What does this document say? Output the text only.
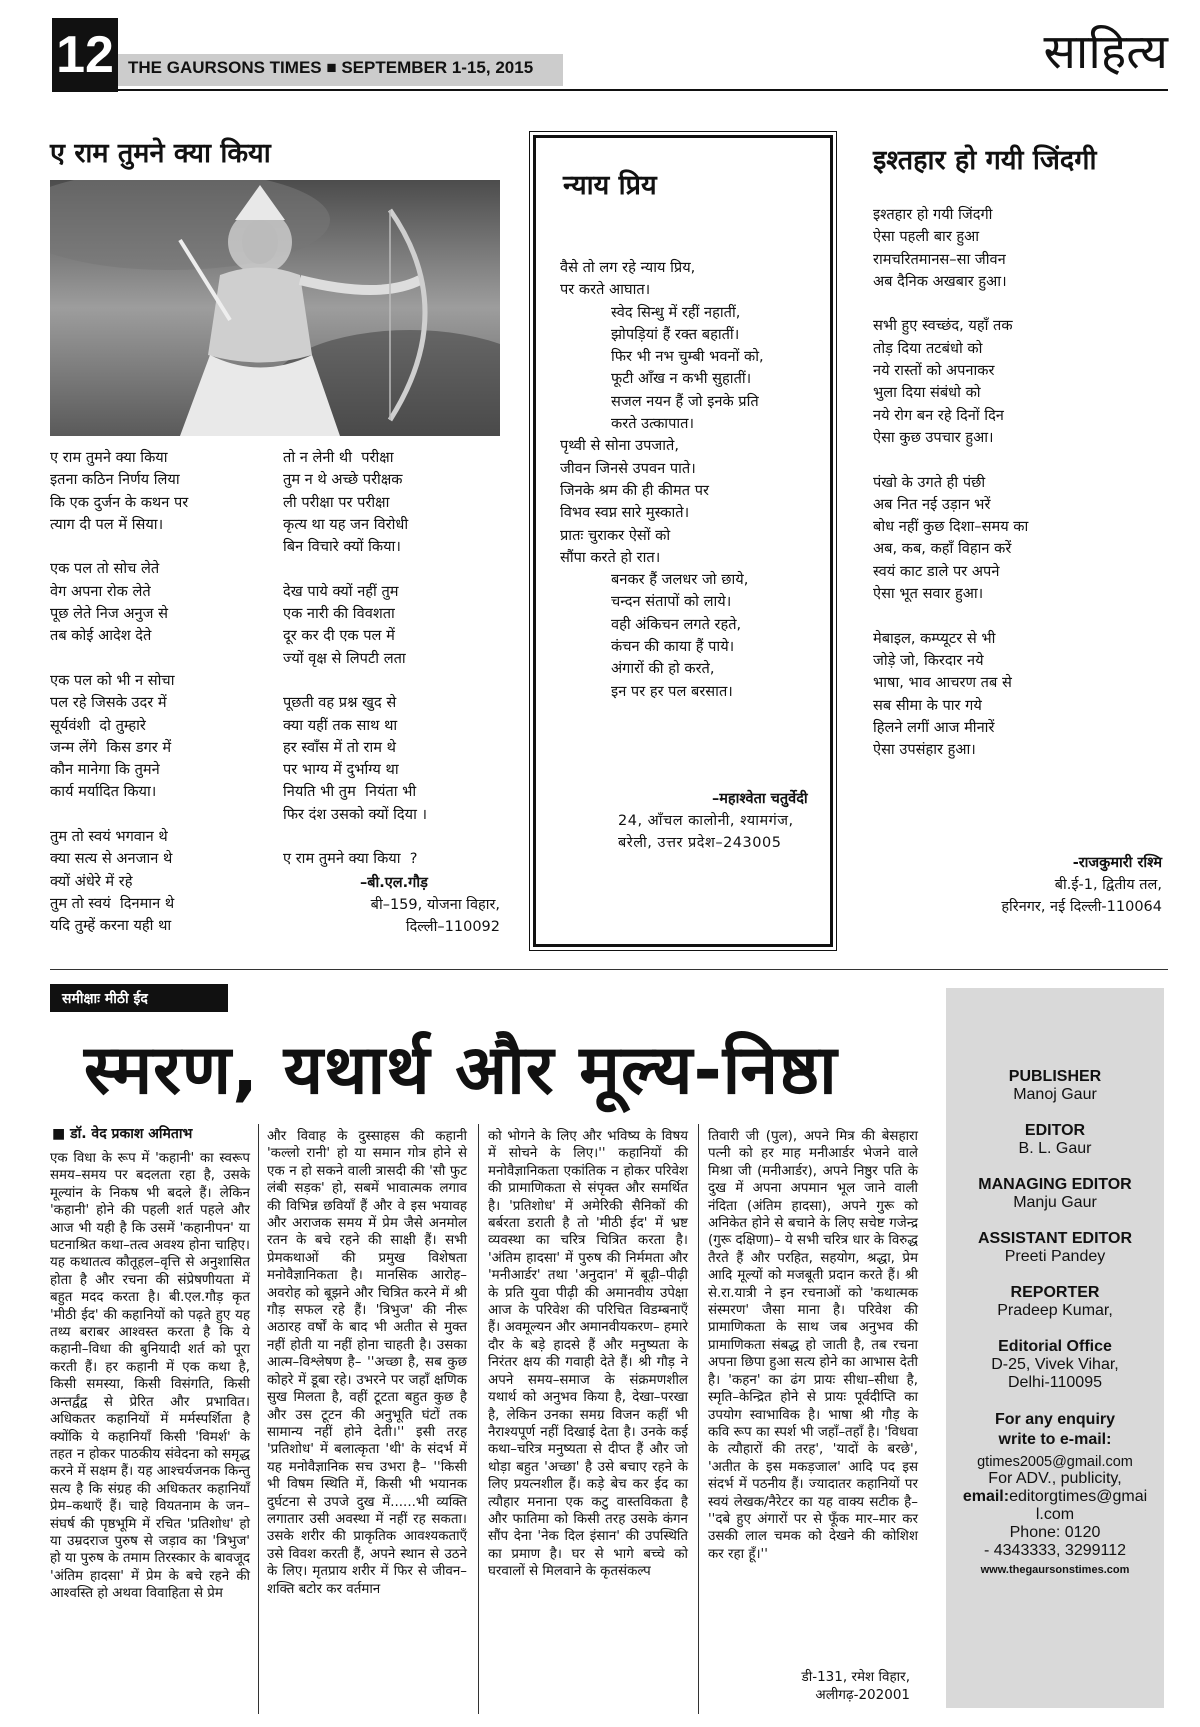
12 THE GAURSONS TIMES ■ SEPTEMBER 1-15, 2015	साहित्य
ए राम तुमने क्या किया
ए राम तुमने क्या किया
इतना कठिन निर्णय लिया
कि एक दुर्जन के कथन पर
त्याग दी पल में सिया।

एक पल तो सोच लेते
वेग अपना रोक लेते
पूछ लेते निज अनुज से
तब कोई आदेश देते

एक पल को भी न सोचा
पल रहे जिसके उदर में
सूर्यवंशी  दो तुम्हारे
जन्म लेंगे  किस डगर में
कौन मानेगा कि तुमने
कार्य मर्यादित किया।

तुम तो स्वयं भगवान थे
क्या सत्य से अनजान थे
क्यों अंधेरे में रहे
तुम तो स्वयं  दिनमान थे
यदि तुम्हें करना यही था
तो न लेनी थी  परीक्षा
तुम न थे अच्छे परीक्षक
ली परीक्षा पर परीक्षा
कृत्य था यह जन विरोधी
बिन विचारे क्यों किया।

देख पाये क्यों नहीं तुम
एक नारी की विवशता
दूर कर दी एक पल में
ज्यों वृक्ष से लिपटी लता

पूछती वह प्रश्न खुद से
क्या यहीं तक साथ था
हर स्वाँस में तो राम थे
पर भाग्य में दुर्भाग्य था
नियति भी तुम  नियंता भी
फिर दंश उसको क्यों दिया ।

ए राम तुमने क्या किया  ?
–बी.एल.गौड़
बी–159, योजना विहार,
दिल्ली–110092
न्याय प्रिय
वैसे तो लग रहे न्याय प्रिय,
पर करते आघात।
स्वेद सिन्धु में रहीं नहातीं,
झोपड़ियां हैं रक्त बहातीं।
फिर भी नभ चुम्बी भवनों को,
फूटी आँख न कभी सुहातीं।
सजल नयन हैं जो इनके प्रति
करते उत्कापात।
पृथ्वी से सोना उपजाते,
जीवन जिनसे उपवन पाते।
जिनके श्रम की ही कीमत पर
विभव स्वप्न सारे मुस्काते।
प्रातः चुराकर ऐसों को
सौंपा करते हो रात।
बनकर हैं जलधर जो छाये,
चन्दन संतापों को लाये।
वही अंकिचन लगते रहते,
कंचन की काया हैं पाये।
अंगारों की हो करते,
इन पर हर पल बरसात।
–महाश्वेता चतुर्वेदी
24, आँचल कालोनी, श्यामगंज,
बरेली, उत्तर प्रदेश–243005
इश्तहार हो गयी जिंदगी
इश्तहार हो गयी जिंदगी
ऐसा पहली बार हुआ
रामचरितमानस–सा जीवन
अब दैनिक अखबार हुआ।

सभी हुए स्वच्छंद, यहाँ तक
तोड़ दिया तटबंधो को
नये रास्तों को अपनाकर
भुला दिया संबंधो को
नये रोग बन रहे दिनों दिन
ऐसा कुछ उपचार हुआ।

पंखो के उगते ही पंछी
अब नित नई उड़ान भरें
बोध नहीं कुछ दिशा–समय का
अब, कब, कहाँ विहान करें
स्वयं काट डाले पर अपने
ऐसा भूत सवार हुआ।

मेबाइल, कम्प्यूटर से भी
जोड़े जो, किरदार नये
भाषा, भाव आचरण तब से
सब सीमा के पार गये
हिलने लगीं आज मीनारें
ऐसा उपसंहार हुआ।
-राजकुमारी रश्मि
बी.ई-1, द्वितीय तल,
हरिनगर, नई दिल्ली-110064
समीक्षाः मीठी ईद
स्मरण, यथार्थ और मूल्य-निष्ठा
■ डॉ. वेद प्रकाश अमिताभ

एक विधा के रूप में 'कहानी' का स्वरूप समय–समय पर बदलता रहा है, उसके मूल्यांन के निकष भी बदले हैं। लेकिन 'कहानी' होने की पहली शर्त पहले और आज भी यही है कि उसमें 'कहानीपन' या घटनाश्रित कथा–तत्व अवश्य होना चाहिए। यह कथातत्व कौतूहल–वृत्ति से अनुशासित होता है और रचना की संप्रेषणीयता में बहुत मदद करता है। बी.एल.गौड़ कृत 'मीठी ईद' की कहानियों को पढ़ते हुए यह तथ्य बराबर आश्वस्त करता है कि ये कहानी–विधा की बुनियादी शर्त को पूरा करती हैं। हर कहानी में एक कथा है, किसी समस्या, किसी विसंगति, किसी अन्तर्द्वंद्व से प्रेरित और प्रभावित। अधिकतर कहानियों में मर्मस्पर्शिता है क्योंकि ये कहानियाँ किसी 'विमर्श' के तहत न होकर पाठकीय संवेदना को समृद्ध करने में सक्षम हैं। यह आश्चर्यजनक किन्तु सत्य है कि संग्रह की अधिकतर कहानियाँ प्रेम–कथाएँ हैं। चाहे वियतनाम के जन–संघर्ष की पृष्ठभूमि में रचित 'प्रतिशोध' हो या उम्रदराज पुरुष से जड़ाव का 'त्रिभुज' हो या पुरुष के तमाम तिरस्कार के बावजूद 'अंतिम हादसा' में प्रेम के बचे रहने की आश्वस्ति हो अथवा विवाहिता से प्रेम

और विवाह के दुस्साहस की कहानी 'कल्लो रानी' हो या समान गोत्र होने से एक न हो सकने वाली त्रासदी की 'सौ फुट लंबी सड़क' हो, सबमें भावात्मक लगाव की विभिन्न छवियाँ हैं और वे इस भयावह और अराजक समय में प्रेम जैसे अनमोल रतन के बचे रहने की साक्षी हैं। सभी प्रेमकथाओं की प्रमुख विशेषता मनोवैज्ञानिकता है। मानसिक आरोह–अवरोह को बूझने और चित्रित करने में श्री गौड़ सफल रहे हैं। 'त्रिभुज' की नीरू अठारह वर्षों के बाद भी अतीत से मुक्त नहीं होती या नहीं होना चाहती है। उसका आत्म–विश्लेषण है– ''अच्छा है, सब कुछ कोहरे में डूबा रहे। उभरने पर जहाँ क्षणिक सुख मिलता है, वहीं टूटता बहुत कुछ है और उस टूटन की अनुभूति घंटों तक सामान्य नहीं होने देती।'' इसी तरह 'प्रतिशोध' में बलात्कृता 'थी' के संदर्भ में यह मनोवैज्ञानिक सच उभरा है– ''किसी भी विषम स्थिति में, किसी भी भयानक दुर्घटना से उपजे दुख में......भी व्यक्ति लगातार उसी अवस्था में नहीं रह सकता। उसके शरीर की प्राकृतिक आवश्यकताएँ उसे विवश करती हैं, अपने स्थान से उठने के लिए। मृतप्राय शरीर में फिर से जीवन–शक्ति बटोर कर वर्तमान

को भोगने के लिए और भविष्य के विषय में सोचने के लिए।'' कहानियों की मनोवैज्ञानिकता एकांतिक न होकर परिवेश की प्रामाणिकता से संपृक्त और समर्थित है। 'प्रतिशोध' में अमेरिकी सैनिकों की बर्बरता डराती है तो 'मीठी ईद' में भ्रष्ट व्यवस्था का चरित्र चित्रित करता है। 'अंतिम हादसा' में पुरुष की निर्ममता और 'मनीआर्डर' तथा 'अनुदान' में बूढ़ी–पीढ़ी के प्रति युवा पीढ़ी की अमानवीय उपेक्षा आज के परिवेश की परिचित विडम्बनाएँ हैं। अवमूल्यन और अमानवीयकरण– हमारे दौर के बड़े हादसे हैं और मनुष्यता के निरंतर क्षय की गवाही देते हैं। श्री गौड़ ने अपने समय–समाज के संक्रमणशील यथार्थ को अनुभव किया है, देखा–परखा है, लेकिन उनका समग्र विजन कहीं भी नैराश्यपूर्ण नहीं दिखाई देता है। उनके कई कथा–चरित्र मनुष्यता से दीप्त हैं और जो थोड़ा बहुत 'अच्छा' है उसे बचाए रहने के लिए प्रयत्नशील हैं। कड़े बेच कर ईद का त्यौहार मनाना एक कटु वास्तविकता है और फातिमा को किसी तरह उसके कंगन सौंप देना 'नेक दिल इंसान' की उपस्थिति का प्रमाण है। घर से भागे बच्चे को घरवालों से मिलवाने के कृतसंकल्प

तिवारी जी (पुल), अपने मित्र की बेसहारा पत्नी को हर माह मनीआर्डर भेजने वाले मिश्रा जी (मनीआर्डर), अपने निष्ठुर पति के दुख में अपना अपमान भूल जाने वाली नंदिता (अंतिम हादसा), अपने गुरू को अनिकेत होने से बचाने के लिए सचेष्ट गजेन्द्र (गुरू दक्षिणा)– ये सभी चरित्र धार के विरुद्ध तैरते हैं और परहित, सहयोग, श्रद्धा, प्रेम आदि मूल्यों को मजबूती प्रदान करते हैं। श्री से.रा.यात्री ने इन रचनाओं को 'कथात्मक संस्मरण' जैसा माना है। परिवेश की प्रामाणिकता के साथ जब अनुभव की प्रामाणिकता संबद्ध हो जाती है, तब रचना अपना छिपा हुआ सत्य होने का आभास देती है। 'कहन' का ढंग प्रायः सीधा–सीधा है, स्मृति–केन्द्रित होने से प्रायः पूर्वदीप्ति का उपयोग स्वाभाविक है। भाषा श्री गौड़ के कवि रूप का स्पर्श भी जहाँ–तहाँ है। 'विधवा के त्यौहारों की तरह', 'यादों के बरछे', 'अतीत के इस मकड़जाल' आदि पद इस संदर्भ में पठनीय हैं। ज्यादातर कहानियों पर स्वयं लेखक/नैरेटर का यह वाक्य सटीक है– ''दबे हुए अंगारों पर से फूँक मार–मार कर उसकी लाल चमक को देखने की कोशिश कर रहा हूँ।''

डी-131, रमेश विहार,
अलीगढ़-202001
PUBLISHER
Manoj Gaur
EDITOR
B. L. Gaur
MANAGING EDITOR
Manju Gaur
ASSISTANT EDITOR
Preeti Pandey
REPORTER
Pradeep Kumar,
Editorial Office
D-25, Vivek Vihar,
Delhi-110095
For any enquiry write to e-mail:
gtimes2005@gmail.com
For ADV., publicity,
email:editorgtimes@gmail.com
Phone: 0120
- 4343333, 3299112
www.thegaursonstimes.com
